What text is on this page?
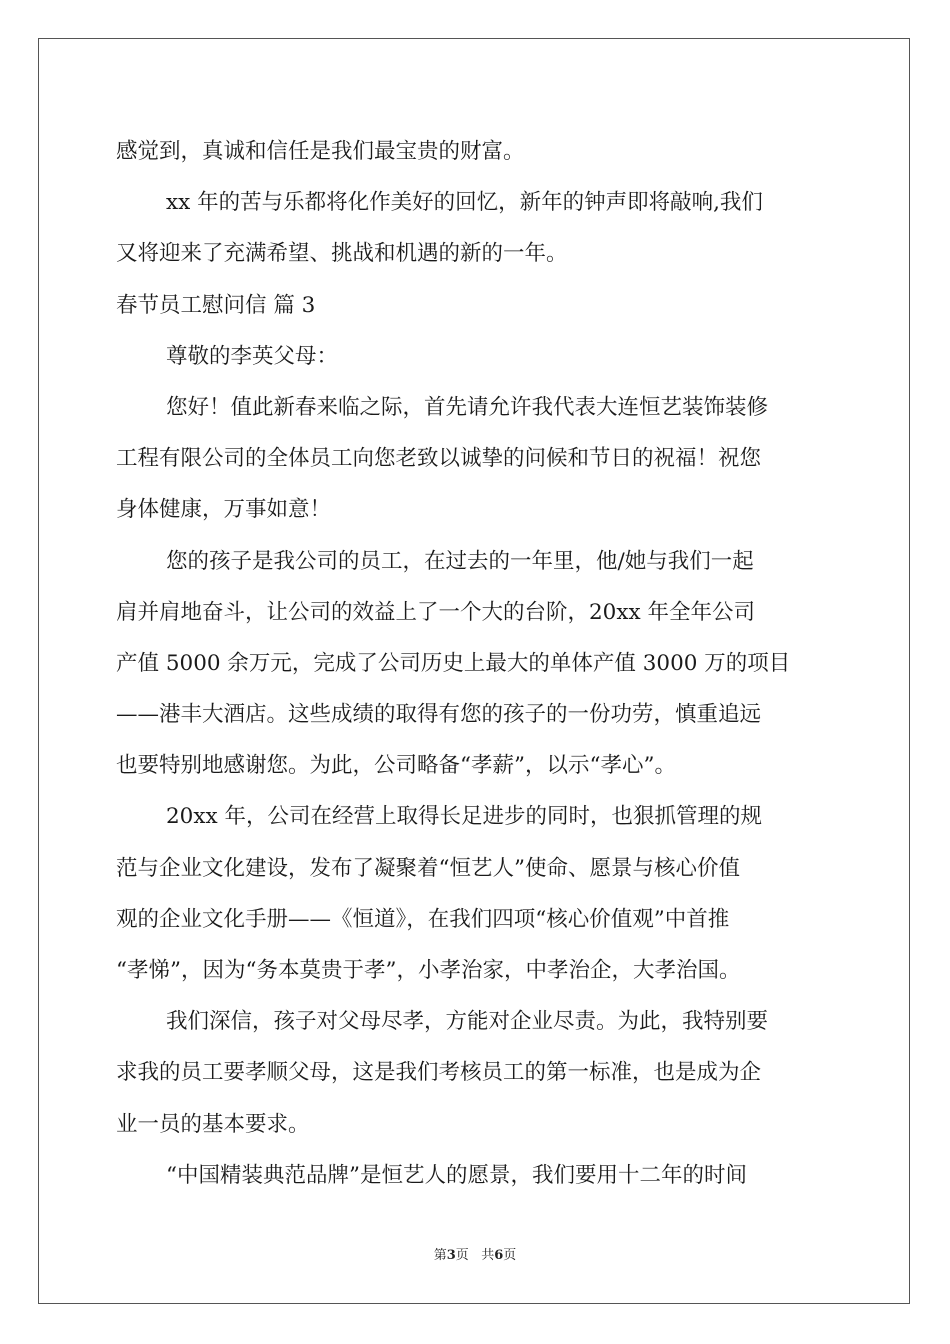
感觉到，真诚和信任是我们最宝贵的财富。
xx 年的苦与乐都将化作美好的回忆，新年的钟声即将敲响,我们
又将迎来了充满希望、挑战和机遇的新的一年。
春节员工慰问信 篇 3
尊敬的李英父母：
您好！值此新春来临之际，首先请允许我代表大连恒艺装饰装修
工程有限公司的全体员工向您老致以诚挚的问候和节日的祝福！祝您
身体健康，万事如意！
您的孩子是我公司的员工，在过去的一年里，他/她与我们一起
肩并肩地奋斗，让公司的效益上了一个大的台阶，20xx 年全年公司
产值 5000 余万元，完成了公司历史上最大的单体产值 3000 万的项目
——港丰大酒店。这些成绩的取得有您的孩子的一份功劳，慎重追远
也要特别地感谢您。为此，公司略备“孝薪”，以示“孝心”。
20xx 年，公司在经营上取得长足进步的同时，也狠抓管理的规
范与企业文化建设，发布了凝聚着“恒艺人”使命、愿景与核心价值
观的企业文化手册——《恒道》，在我们四项“核心价值观”中首推
“孝悌”，因为“务本莫贵于孝”，小孝治家，中孝治企，大孝治国。
我们深信，孩子对父母尽孝，方能对企业尽责。为此，我特别要
求我的员工要孝顺父母，这是我们考核员工的第一标准，也是成为企
业一员的基本要求。
“中国精装典范品牌”是恒艺人的愿景，我们要用十二年的时间
第3页 共6页
